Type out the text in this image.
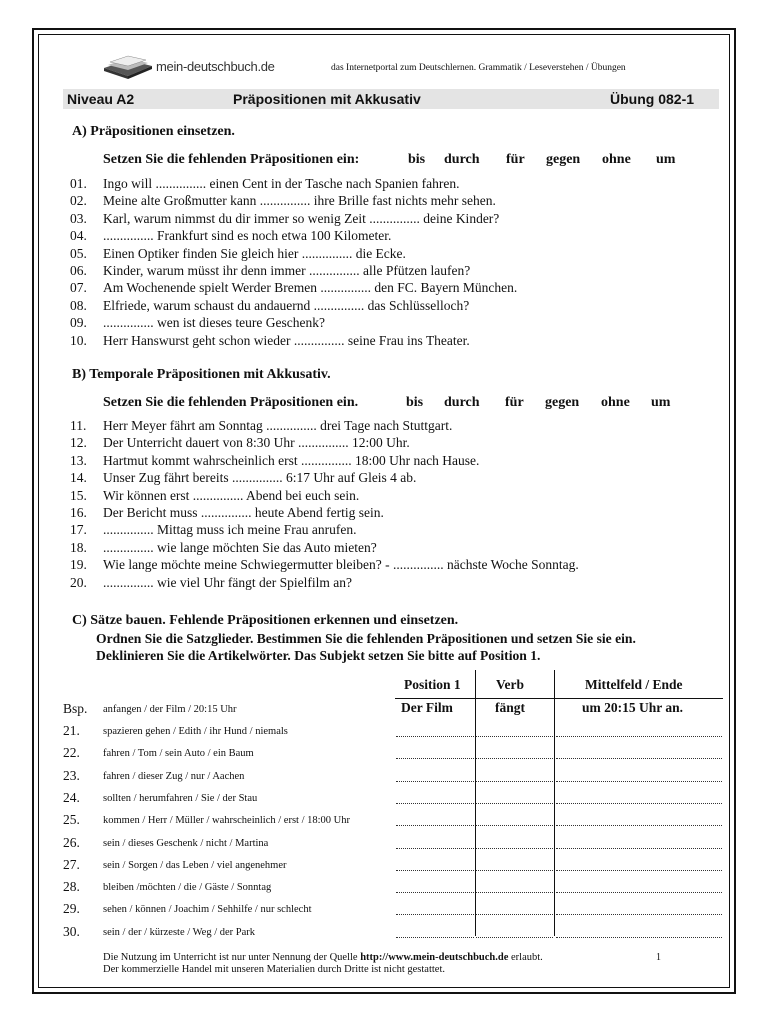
mein-deutschbuch.de	das Internetportal zum Deutschlernen. Grammatik / Leseverstehen / Übungen
Niveau A2	Präpositionen mit Akkusativ	Übung 082-1
A) Präpositionen einsetzen.
Setzen Sie die fehlenden Präpositionen ein:	bis durch für gegen ohne um
01. Ingo will ............... einen Cent in der Tasche nach Spanien fahren.
02. Meine alte Großmutter kann ............... ihre Brille fast nichts mehr sehen.
03. Karl, warum nimmst du dir immer so wenig Zeit ............... deine Kinder?
04. ............... Frankfurt sind es noch etwa 100 Kilometer.
05. Einen Optiker finden Sie gleich hier ............... die Ecke.
06. Kinder, warum müsst ihr denn immer ............... alle Pfützen laufen?
07. Am Wochenende spielt Werder Bremen ............... den FC. Bayern München.
08. Elfriede, warum schaust du andauernd ............... das Schlüsselloch?
09. ............... wen ist dieses teure Geschenk?
10. Herr Hanswurst geht schon wieder ............... seine Frau ins Theater.
B) Temporale Präpositionen mit Akkusativ.
Setzen Sie die fehlenden Präpositionen ein.	bis durch für gegen ohne um
11. Herr Meyer fährt am Sonntag ............... drei Tage nach Stuttgart.
12. Der Unterricht dauert von 8:30 Uhr ............... 12:00 Uhr.
13. Hartmut kommt wahrscheinlich erst ............... 18:00 Uhr nach Hause.
14. Unser Zug fährt bereits ............... 6:17 Uhr auf Gleis 4 ab.
15. Wir können erst ............... Abend bei euch sein.
16. Der Bericht muss ............... heute Abend fertig sein.
17. ............... Mittag muss ich meine Frau anrufen.
18. ............... wie lange möchten Sie das Auto mieten?
19. Wie lange möchte meine Schwiegermutter bleiben? - ............... nächste Woche Sonntag.
20. ............... wie viel Uhr fängt der Spielfilm an?
C) Sätze bauen. Fehlende Präpositionen erkennen und einsetzen.
Ordnen Sie die Satzglieder. Bestimmen Sie die fehlenden Präpositionen und setzen Sie sie ein.
Deklinieren Sie die Artikelwörter. Das Subjekt setzen Sie bitte auf Position 1.
Position 1	Verb	Mittelfeld / Ende
Bsp. anfangen / der Film / 20:15 Uhr	Der Film	fängt	um 20:15 Uhr an.
21. spazieren gehen / Edith / ihr Hund / niemals
22. fahren / Tom / sein Auto / ein Baum
23. fahren / dieser Zug / nur / Aachen
24. sollten / herumfahren / Sie / der Stau
25. kommen / Herr / Müller / wahrscheinlich / erst / 18:00 Uhr
26. sein / dieses Geschenk / nicht / Martina
27. sein / Sorgen / das Leben / viel angenehmer
28. bleiben /möchten / die / Gäste / Sonntag
29. sehen / können / Joachim / Sehhilfe / nur schlecht
30. sein / der / kürzeste / Weg / der Park
Die Nutzung im Unterricht ist nur unter Nennung der Quelle http://www.mein-deutschbuch.de erlaubt.
Der kommerzielle Handel mit unseren Materialien durch Dritte ist nicht gestattet.
1
